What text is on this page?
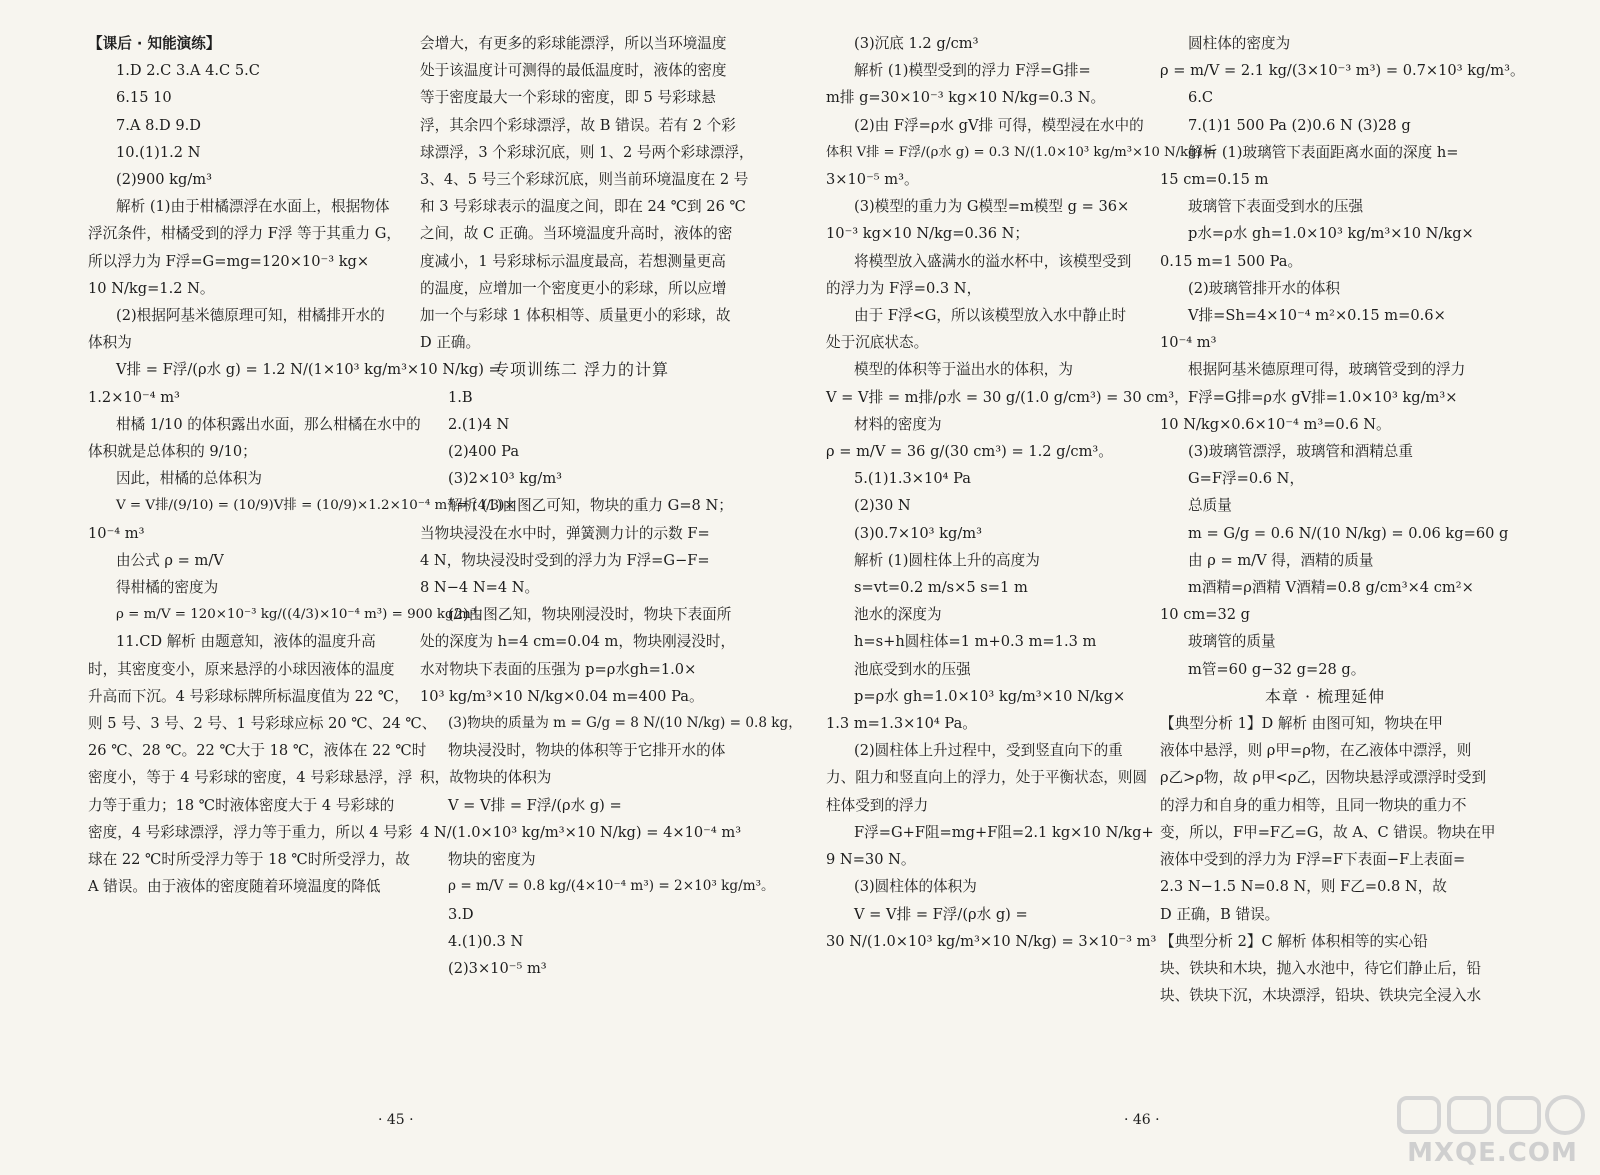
【课后 · 知能演练】
1.D 2.C 3.A 4.C 5.C
6.15 10
7.A 8.D 9.D
10.(1)1.2 N
(2)900 kg/m³
解析 (1)由于柑橘漂浮在水面上，根据物体
浮沉条件，柑橘受到的浮力 F浮 等于其重力 G，
所以浮力为 F浮=G=mg=120×10⁻³ kg×
10 N/kg=1.2 N。
(2)根据阿基米德原理可知，柑橘排开水的
体积为
V排 = F浮/(ρ水 g) = 1.2 N/(1×10³ kg/m³×10 N/kg) =
1.2×10⁻⁴ m³
柑橘 1/10 的体积露出水面，那么柑橘在水中的
体积就是总体积的 9/10；
因此，柑橘的总体积为
V = V排/(9/10) = (10/9)V排 = (10/9)×1.2×10⁻⁴ m³ = (4/3)×
10⁻⁴ m³
由公式 ρ = m/V
得柑橘的密度为
ρ = m/V = 120×10⁻³ kg/((4/3)×10⁻⁴ m³) = 900 kg/m³。
11.CD 解析 由题意知，液体的温度升高
时，其密度变小，原来悬浮的小球因液体的温度
升高而下沉。4 号彩球标牌所标温度值为 22 ℃，
则 5 号、3 号、2 号、1 号彩球应标 20 ℃、24 ℃、
26 ℃、28 ℃。22 ℃大于 18 ℃，液体在 22 ℃时
密度小，等于 4 号彩球的密度，4 号彩球悬浮，浮
力等于重力；18 ℃时液体密度大于 4 号彩球的
密度，4 号彩球漂浮，浮力等于重力，所以 4 号彩
球在 22 ℃时所受浮力等于 18 ℃时所受浮力，故
A 错误。由于液体的密度随着环境温度的降低
会增大，有更多的彩球能漂浮，所以当环境温度
处于该温度计可测得的最低温度时，液体的密度
等于密度最大一个彩球的密度，即 5 号彩球悬
浮，其余四个彩球漂浮，故 B 错误。若有 2 个彩
球漂浮，3 个彩球沉底，则 1、2 号两个彩球漂浮，
3、4、5 号三个彩球沉底，则当前环境温度在 2 号
和 3 号彩球表示的温度之间，即在 24 ℃到 26 ℃
之间，故 C 正确。当环境温度升高时，液体的密
度减小，1 号彩球标示温度最高，若想测量更高
的温度，应增加一个密度更小的彩球，所以应增
加一个与彩球 1 体积相等、质量更小的彩球，故
D 正确。
专项训练二 浮力的计算
1.B
2.(1)4 N
(2)400 Pa
(3)2×10³ kg/m³
解析 (1)由图乙可知，物块的重力 G=8 N；
当物块浸没在水中时，弹簧测力计的示数 F=
4 N，物块浸没时受到的浮力为 F浮=G−F=
8 N−4 N=4 N。
(2)由图乙知，物块刚浸没时，物块下表面所
处的深度为 h=4 cm=0.04 m，物块刚浸没时，
水对物块下表面的压强为 p=ρ水gh=1.0×
10³ kg/m³×10 N/kg×0.04 m=400 Pa。
(3)物块的质量为 m = G/g = 8 N/(10 N/kg) = 0.8 kg，
物块浸没时，物块的体积等于它排开水的体
积，故物块的体积为
V = V排 = F浮/(ρ水 g) =
4 N/(1.0×10³ kg/m³×10 N/kg) = 4×10⁻⁴ m³
物块的密度为
ρ = m/V = 0.8 kg/(4×10⁻⁴ m³) = 2×10³ kg/m³。
3.D
4.(1)0.3 N
(2)3×10⁻⁵ m³
(3)沉底 1.2 g/cm³
解析 (1)模型受到的浮力 F浮=G排=
m排 g=30×10⁻³ kg×10 N/kg=0.3 N。
(2)由 F浮=ρ水 gV排 可得，模型浸在水中的
体积 V排 = F浮/(ρ水 g) = 0.3 N/(1.0×10³ kg/m³×10 N/kg) =
3×10⁻⁵ m³。
(3)模型的重力为 G模型=m模型 g = 36×
10⁻³ kg×10 N/kg=0.36 N；
将模型放入盛满水的溢水杯中，该模型受到
的浮力为 F浮=0.3 N，
由于 F浮<G，所以该模型放入水中静止时
处于沉底状态。
模型的体积等于溢出水的体积，为
V = V排 = m排/ρ水 = 30 g/(1.0 g/cm³) = 30 cm³，
材料的密度为
ρ = m/V = 36 g/(30 cm³) = 1.2 g/cm³。
5.(1)1.3×10⁴ Pa
(2)30 N
(3)0.7×10³ kg/m³
解析 (1)圆柱体上升的高度为
s=vt=0.2 m/s×5 s=1 m
池水的深度为
h=s+h圆柱体=1 m+0.3 m=1.3 m
池底受到水的压强
p=ρ水 gh=1.0×10³ kg/m³×10 N/kg×
1.3 m=1.3×10⁴ Pa。
(2)圆柱体上升过程中，受到竖直向下的重
力、阻力和竖直向上的浮力，处于平衡状态，则圆
柱体受到的浮力
F浮=G+F阻=mg+F阻=2.1 kg×10 N/kg+
9 N=30 N。
(3)圆柱体的体积为
V = V排 = F浮/(ρ水 g) =
30 N/(1.0×10³ kg/m³×10 N/kg) = 3×10⁻³ m³
圆柱体的密度为
ρ = m/V = 2.1 kg/(3×10⁻³ m³) = 0.7×10³ kg/m³。
6.C
7.(1)1 500 Pa (2)0.6 N (3)28 g
解析 (1)玻璃管下表面距离水面的深度 h=
15 cm=0.15 m
玻璃管下表面受到水的压强
p水=ρ水 gh=1.0×10³ kg/m³×10 N/kg×
0.15 m=1 500 Pa。
(2)玻璃管排开水的体积
V排=Sh=4×10⁻⁴ m²×0.15 m=0.6×
10⁻⁴ m³
根据阿基米德原理可得，玻璃管受到的浮力
F浮=G排=ρ水 gV排=1.0×10³ kg/m³×
10 N/kg×0.6×10⁻⁴ m³=0.6 N。
(3)玻璃管漂浮，玻璃管和酒精总重
G=F浮=0.6 N，
总质量
m = G/g = 0.6 N/(10 N/kg) = 0.06 kg=60 g
由 ρ = m/V 得，酒精的质量
m酒精=ρ酒精 V酒精=0.8 g/cm³×4 cm²×
10 cm=32 g
玻璃管的质量
m管=60 g−32 g=28 g。
本章 · 梳理延伸
【典型分析 1】D 解析 由图可知，物块在甲
液体中悬浮，则 ρ甲=ρ物，在乙液体中漂浮，则
ρ乙>ρ物，故 ρ甲<ρ乙，因物块悬浮或漂浮时受到
的浮力和自身的重力相等，且同一物块的重力不
变，所以，F甲=F乙=G，故 A、C 错误。物块在甲
液体中受到的浮力为 F浮=F下表面−F上表面=
2.3 N−1.5 N=0.8 N，则 F乙=0.8 N，故
D 正确，B 错误。
【典型分析 2】C 解析 体积相等的实心铅
块、铁块和木块，抛入水池中，待它们静止后，铅
块、铁块下沉，木块漂浮，铅块、铁块完全浸入水
· 45 ·	· 46 ·
MXQE.COM
